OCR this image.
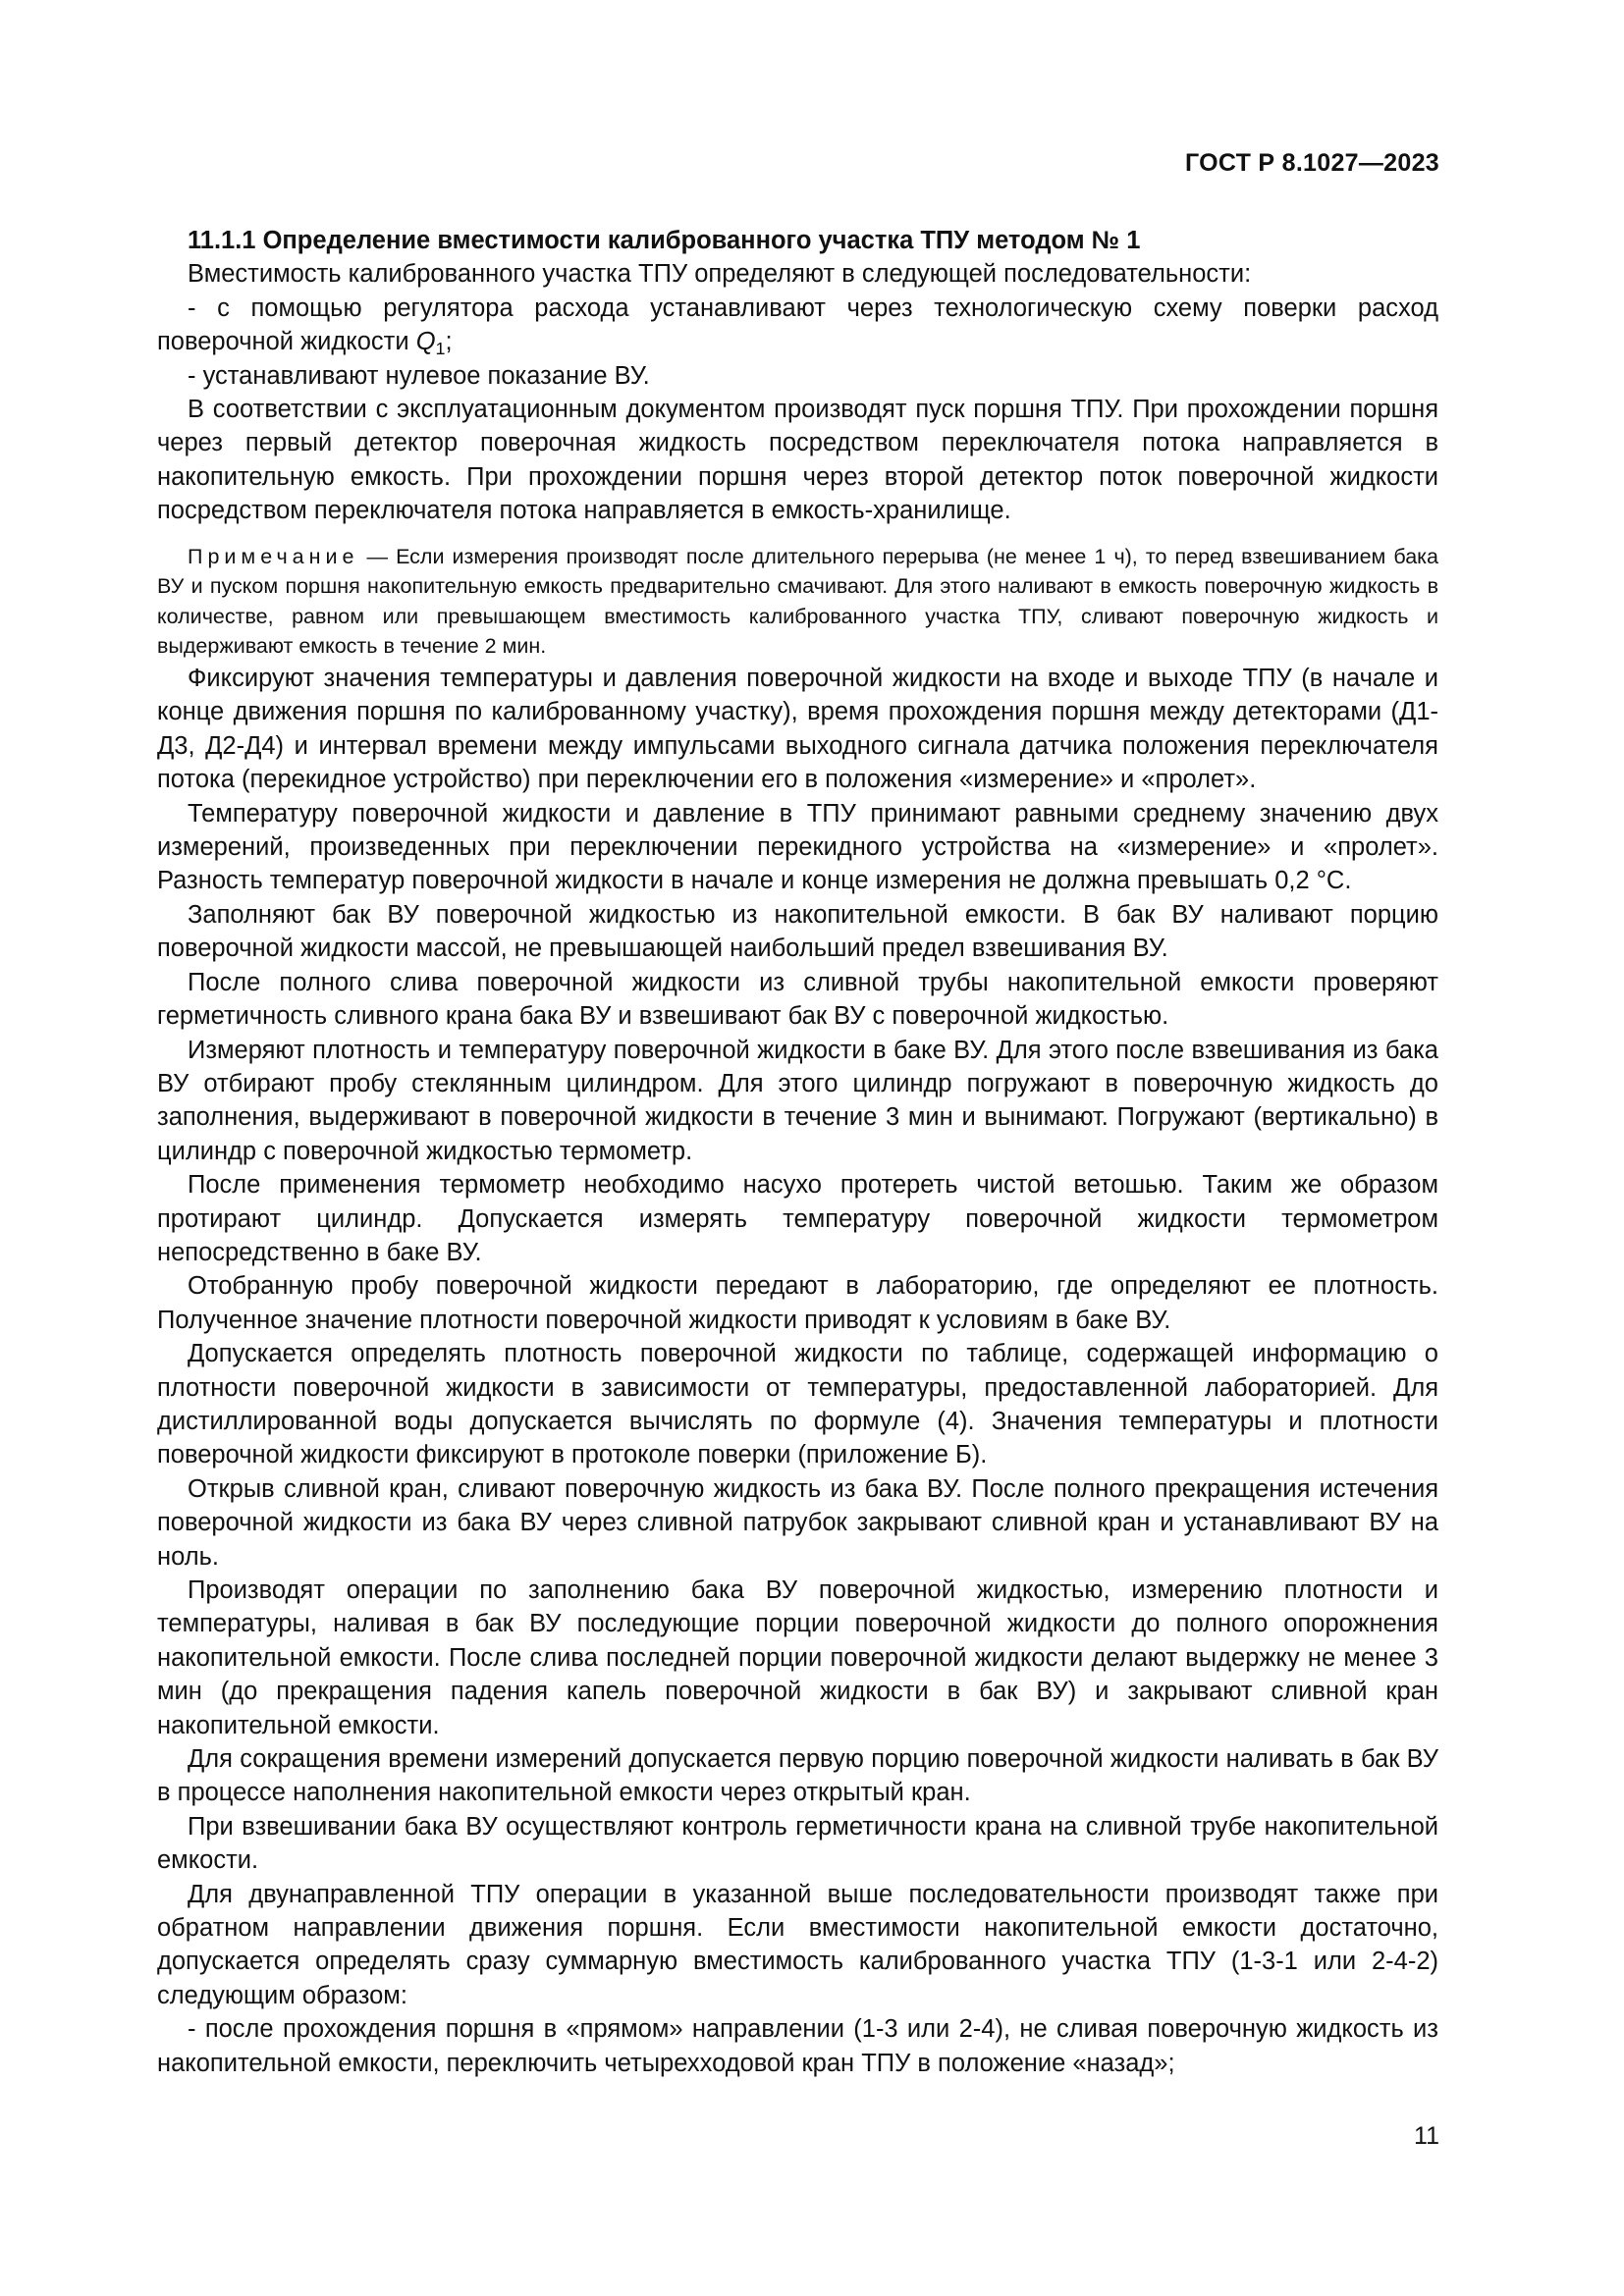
ГОСТ Р 8.1027—2023

11.1.1 Определение вместимости калиброванного участка ТПУ методом № 1

Вместимость калиброванного участка ТПУ определяют в следующей последовательности:

- с помощью регулятора расхода устанавливают через технологическую схему поверки расход поверочной жидкости $Q_1$;

- устанавливают нулевое показание ВУ.

В соответствии с эксплуатационным документом производят пуск поршня ТПУ. При прохождении поршня через первый детектор поверочная жидкость посредством переключателя потока направляется в накопительную емкость. При прохождении поршня через второй детектор поток поверочной жидкости посредством переключателя потока направляется в емкость-хранилище.

Примечание — Если измерения производят после длительного перерыва (не менее 1 ч), то перед взвешиванием бака ВУ и пуском поршня накопительную емкость предварительно смачивают. Для этого наливают в емкость поверочную жидкость в количестве, равном или превышающем вместимость калиброванного участка ТПУ, сливают поверочную жидкость и выдерживают емкость в течение 2 мин.

Фиксируют значения температуры и давления поверочной жидкости на входе и выходе ТПУ (в начале и конце движения поршня по калиброванному участку), время прохождения поршня между детекторами (Д1-Д3, Д2-Д4) и интервал времени между импульсами выходного сигнала датчика положения переключателя потока (перекидное устройство) при переключении его в положения «измерение» и «пролет».

Температуру поверочной жидкости и давление в ТПУ принимают равными среднему значению двух измерений, произведенных при переключении перекидного устройства на «измерение» и «пролет». Разность температур поверочной жидкости в начале и конце измерения не должна превышать 0,2 °С.

Заполняют бак ВУ поверочной жидкостью из накопительной емкости. В бак ВУ наливают порцию поверочной жидкости массой, не превышающей наибольший предел взвешивания ВУ.

После полного слива поверочной жидкости из сливной трубы накопительной емкости проверяют герметичность сливного крана бака ВУ и взвешивают бак ВУ с поверочной жидкостью.

Измеряют плотность и температуру поверочной жидкости в баке ВУ. Для этого после взвешивания из бака ВУ отбирают пробу стеклянным цилиндром. Для этого цилиндр погружают в поверочную жидкость до заполнения, выдерживают в поверочной жидкости в течение 3 мин и вынимают. Погружают (вертикально) в цилиндр с поверочной жидкостью термометр.

После применения термометр необходимо насухо протереть чистой ветошью. Таким же образом протирают цилиндр. Допускается измерять температуру поверочной жидкости термометром непосредственно в баке ВУ.

Отобранную пробу поверочной жидкости передают в лабораторию, где определяют ее плотность. Полученное значение плотности поверочной жидкости приводят к условиям в баке ВУ.

Допускается определять плотность поверочной жидкости по таблице, содержащей информацию о плотности поверочной жидкости в зависимости от температуры, предоставленной лабораторией. Для дистиллированной воды допускается вычислять по формуле (4). Значения температуры и плотности поверочной жидкости фиксируют в протоколе поверки (приложение Б).

Открыв сливной кран, сливают поверочную жидкость из бака ВУ. После полного прекращения истечения поверочной жидкости из бака ВУ через сливной патрубок закрывают сливной кран и устанавливают ВУ на ноль.

Производят операции по заполнению бака ВУ поверочной жидкостью, измерению плотности и температуры, наливая в бак ВУ последующие порции поверочной жидкости до полного опорожнения накопительной емкости. После слива последней порции поверочной жидкости делают выдержку не менее 3 мин (до прекращения падения капель поверочной жидкости в бак ВУ) и закрывают сливной кран накопительной емкости.

Для сокращения времени измерений допускается первую порцию поверочной жидкости наливать в бак ВУ в процессе наполнения накопительной емкости через открытый кран.

При взвешивании бака ВУ осуществляют контроль герметичности крана на сливной трубе накопительной емкости.

Для двунаправленной ТПУ операции в указанной выше последовательности производят также при обратном направлении движения поршня. Если вместимости накопительной емкости достаточно, допускается определять сразу суммарную вместимость калиброванного участка ТПУ (1-3-1 или 2-4-2) следующим образом:

- после прохождения поршня в «прямом» направлении (1-3 или 2-4), не сливая поверочную жидкость из накопительной емкости, переключить четырехходовой кран ТПУ в положение «назад»;

11
